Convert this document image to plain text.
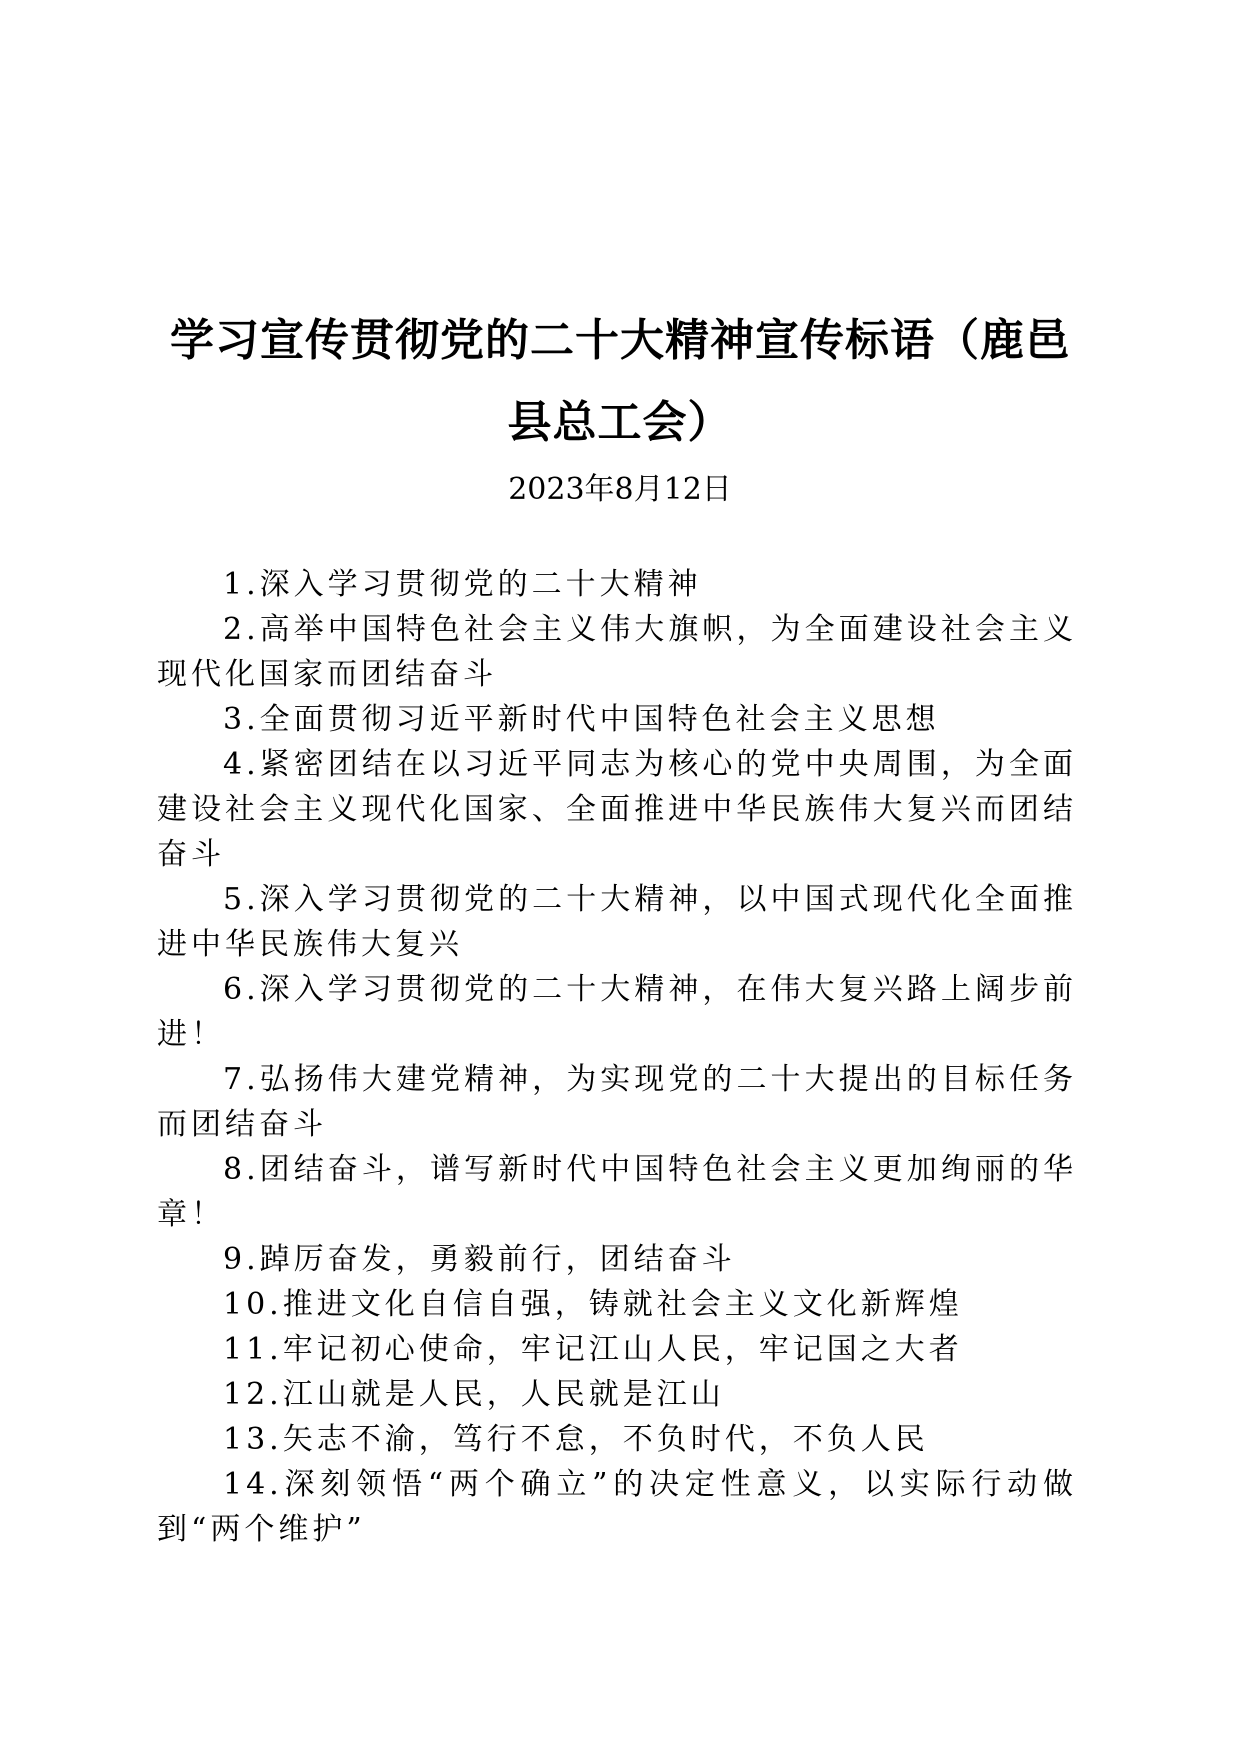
学习宣传贯彻党的二十大精神宣传标语（鹿邑县总工会）

2023年8月12日

1.深入学习贯彻党的二十大精神
2.高举中国特色社会主义伟大旗帜，为全面建设社会主义现代化国家而团结奋斗
3.全面贯彻习近平新时代中国特色社会主义思想
4.紧密团结在以习近平同志为核心的党中央周围，为全面建设社会主义现代化国家、全面推进中华民族伟大复兴而团结奋斗
5.深入学习贯彻党的二十大精神，以中国式现代化全面推进中华民族伟大复兴
6.深入学习贯彻党的二十大精神，在伟大复兴路上阔步前进！
7.弘扬伟大建党精神，为实现党的二十大提出的目标任务而团结奋斗
8.团结奋斗，谱写新时代中国特色社会主义更加绚丽的华章！
9.踔厉奋发，勇毅前行，团结奋斗
10.推进文化自信自强，铸就社会主义文化新辉煌
11.牢记初心使命，牢记江山人民，牢记国之大者
12.江山就是人民，人民就是江山
13.矢志不渝，笃行不怠，不负时代，不负人民
14.深刻领悟“两个确立”的决定性意义，以实际行动做到“两个维护”
